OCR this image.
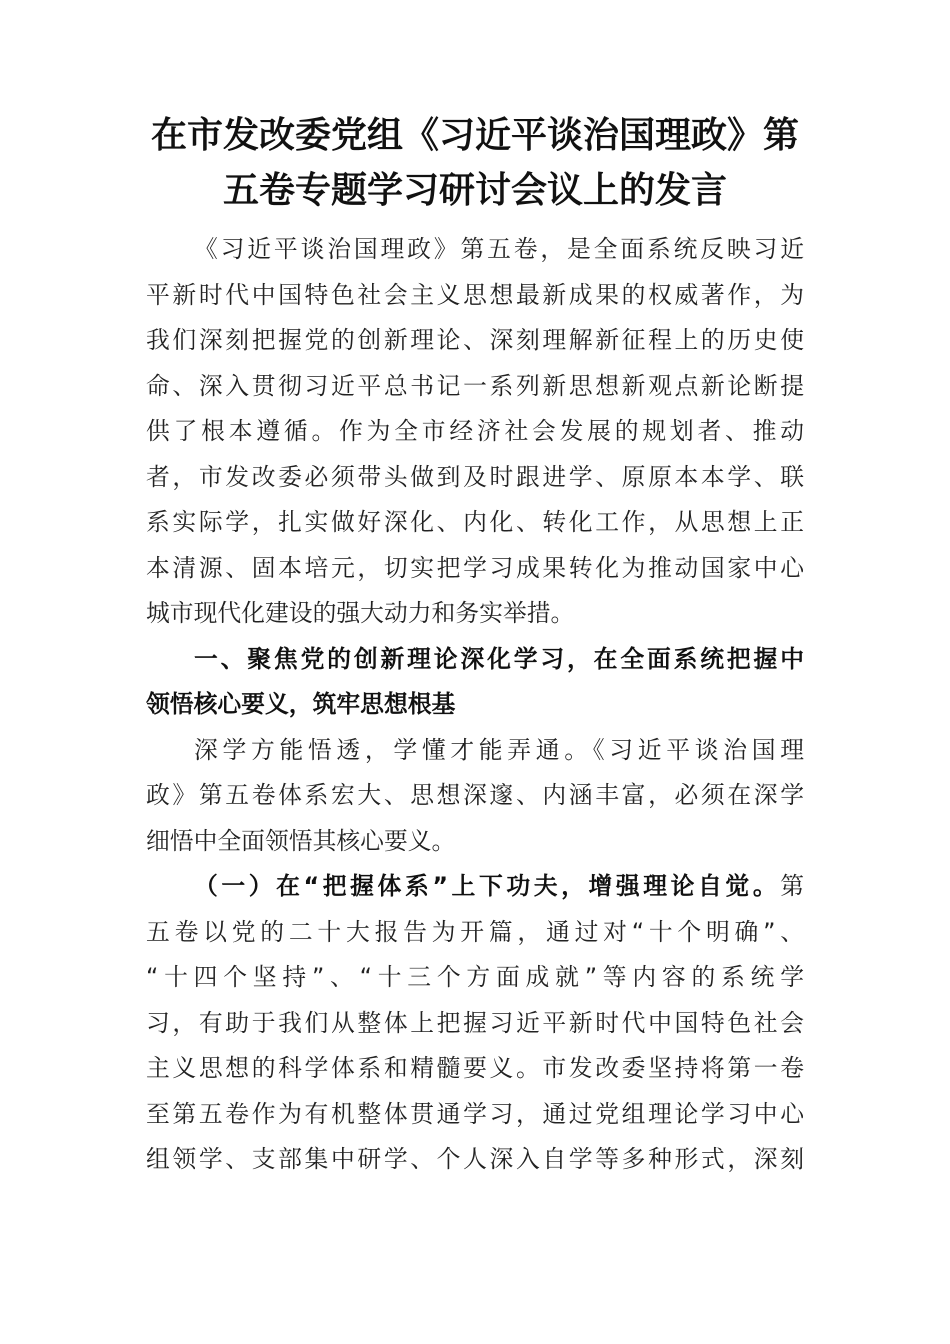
在市发改委党组《习近平谈治国理政》第
五卷专题学习研讨会议上的发言
《习近平谈治国理政》第五卷，是全面系统反映习近
平新时代中国特色社会主义思想最新成果的权威著作，为
我们深刻把握党的创新理论、深刻理解新征程上的历史使
命、深入贯彻习近平总书记一系列新思想新观点新论断提
供了根本遵循。作为全市经济社会发展的规划者、推动
者，市发改委必须带头做到及时跟进学、原原本本学、联
系实际学，扎实做好深化、内化、转化工作，从思想上正
本清源、固本培元，切实把学习成果转化为推动国家中心
城市现代化建设的强大动力和务实举措。
一、聚焦党的创新理论深化学习，在全面系统把握中
领悟核心要义，筑牢思想根基
深学方能悟透，学懂才能弄通。《习近平谈治国理
政》第五卷体系宏大、思想深邃、内涵丰富，必须在深学
细悟中全面领悟其核心要义。
（一）在“把握体系”上下功夫，增强理论自觉。第
五卷以党的二十大报告为开篇，通过对“十个明确”、
“十四个坚持”、“十三个方面成就”等内容的系统学
习，有助于我们从整体上把握习近平新时代中国特色社会
主义思想的科学体系和精髓要义。市发改委坚持将第一卷
至第五卷作为有机整体贯通学习，通过党组理论学习中心
组领学、支部集中研学、个人深入自学等多种形式，深刻
